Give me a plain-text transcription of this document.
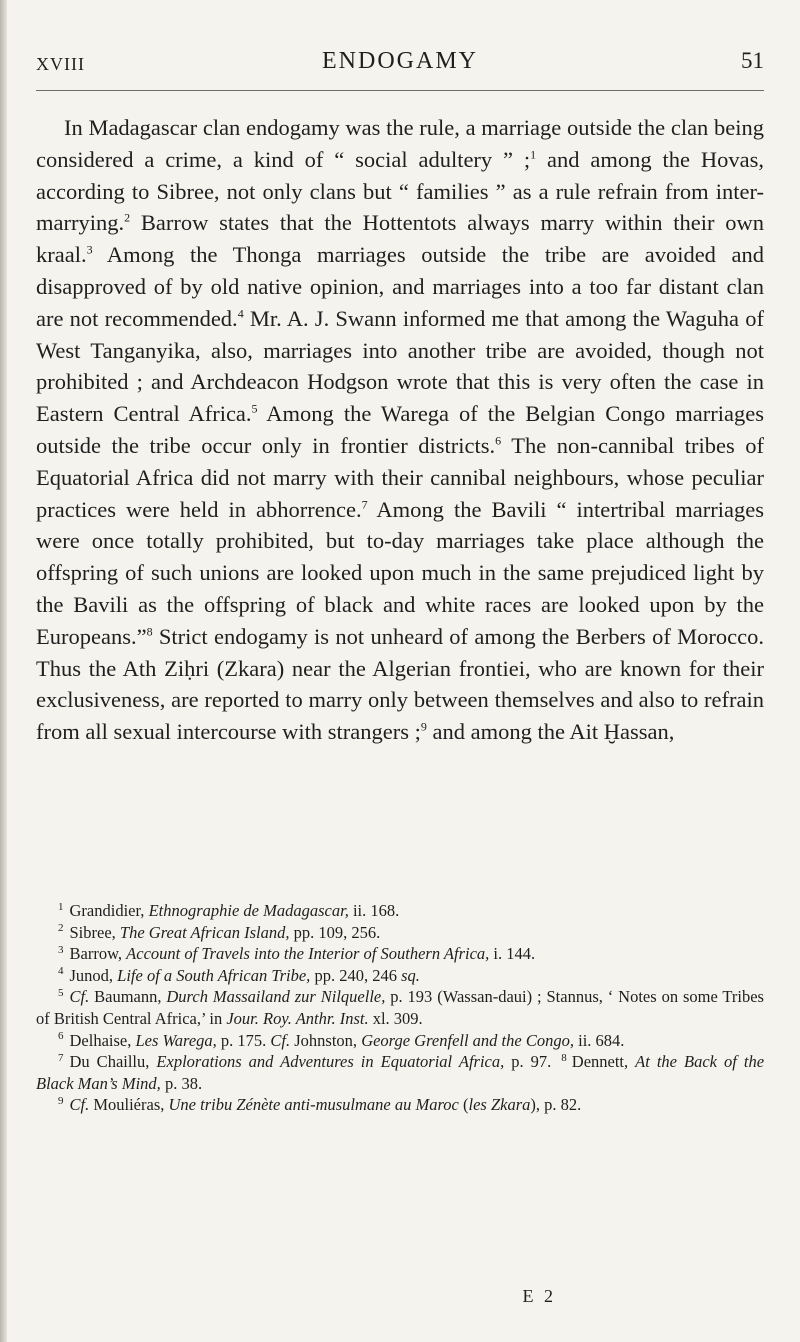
XVIII	ENDOGAMY	51

In Madagascar clan endogamy was the rule, a marriage outside the clan being considered a crime, a kind of “ social adultery ” ;$^1$ and among the Hovas, according to Sibree, not only clans but “ families ” as a rule refrain from inter-marrying.$^2$ Barrow states that the Hottentots always marry within their own kraal.$^3$ Among the Thonga marriages outside the tribe are avoided and disapproved of by old native opinion, and marriages into a too far distant clan are not recommended.$^4$ Mr. A. J. Swann informed me that among the Waguha of West Tanganyika, also, marriages into another tribe are avoided, though not prohibited ; and Archdeacon Hodgson wrote that this is very often the case in Eastern Central Africa.$^5$ Among the Warega of the Belgian Congo marriages outside the tribe occur only in frontier districts.$^6$ The non-cannibal tribes of Equatorial Africa did not marry with their cannibal neighbours, whose peculiar practices were held in abhorrence.$^7$ Among the Bavili “ intertribal marriages were once totally prohibited, but to-day marriages take place although the offspring of such unions are looked upon much in the same prejudiced light by the Bavili as the offspring of black and white races are looked upon by the Europeans.”$^8$ Strict endogamy is not unheard of among the Berbers of Morocco. Thus the Ath Ziḥri (Zkara) near the Algerian frontiei, who are known for their exclusiveness, are reported to marry only between themselves and also to refrain from all sexual intercourse with strangers ;$^9$ and among the Ait Ḫassan,

$^1$ Grandidier, Ethnographie de Madagascar, ii. 168.

$^2$ Sibree, The Great African Island, pp. 109, 256.

$^3$ Barrow, Account of Travels into the Interior of Southern Africa, i. 144.

$^4$ Junod, Life of a South African Tribe, pp. 240, 246 sq.

$^5$ Cf. Baumann, Durch Massailand zur Nilquelle, p. 193 (Wassan-daui) ; Stannus, ‘ Notes on some Tribes of British Central Africa,’ in Jour. Roy. Anthr. Inst. xl. 309.

$^6$ Delhaise, Les Warega, p. 175. Cf. Johnston, George Grenfell and the Congo, ii. 684.

$^7$ Du Chaillu, Explorations and Adventures in Equatorial Africa, p. 97. $^8$ Dennett, At the Back of the Black Man’s Mind, p. 38.

$^9$ Cf. Mouliéras, Une tribu Zénète anti-musulmane au Maroc (les Zkara), p. 82.

E 2
